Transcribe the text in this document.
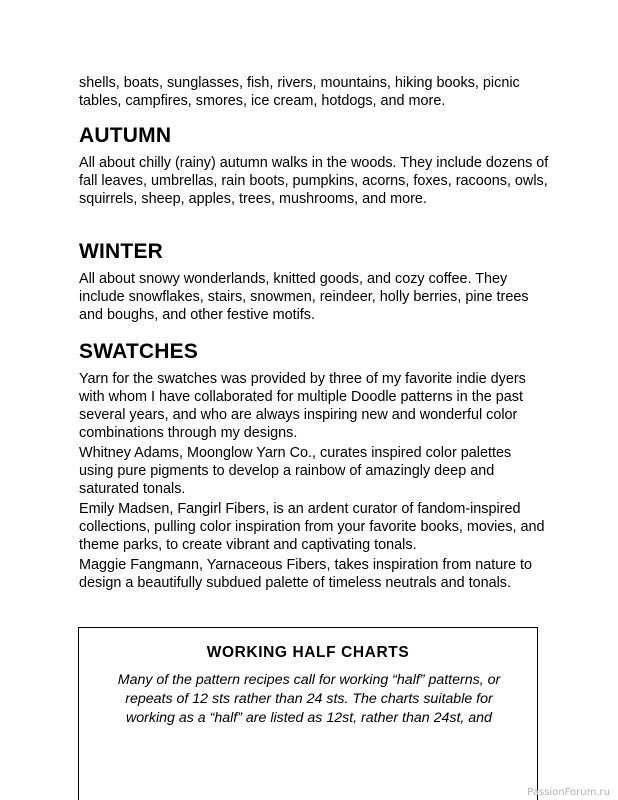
shells, boats, sunglasses, fish, rivers, mountains, hiking books, picnic tables, campfires, smores, ice cream, hotdogs, and more.

AUTUMN

All about chilly (rainy) autumn walks in the woods. They include dozens of fall leaves, umbrellas, rain boots, pumpkins, acorns, foxes, racoons, owls, squirrels, sheep, apples, trees, mushrooms, and more.

WINTER

All about snowy wonderlands, knitted goods, and cozy coffee. They include snowflakes, stairs, snowmen, reindeer, holly berries, pine trees and boughs, and other festive motifs.

SWATCHES

Yarn for the swatches was provided by three of my favorite indie dyers with whom I have collaborated for multiple Doodle patterns in the past several years, and who are always inspiring new and wonderful color combinations through my designs.

Whitney Adams, Moonglow Yarn Co., curates inspired color palettes using pure pigments to develop a rainbow of amazingly deep and saturated tonals.

Emily Madsen, Fangirl Fibers, is an ardent curator of fandom-inspired collections, pulling color inspiration from your favorite books, movies, and theme parks, to create vibrant and captivating tonals.

Maggie Fangmann, Yarnaceous Fibers, takes inspiration from nature to design a beautifully subdued palette of timeless neutrals and tonals.

WORKING HALF CHARTS

Many of the pattern recipes call for working “half” patterns, or repeats of 12 sts rather than 24 sts. The charts suitable for working as a “half” are listed as 12st, rather than 24st, and

PassionForum.ru
